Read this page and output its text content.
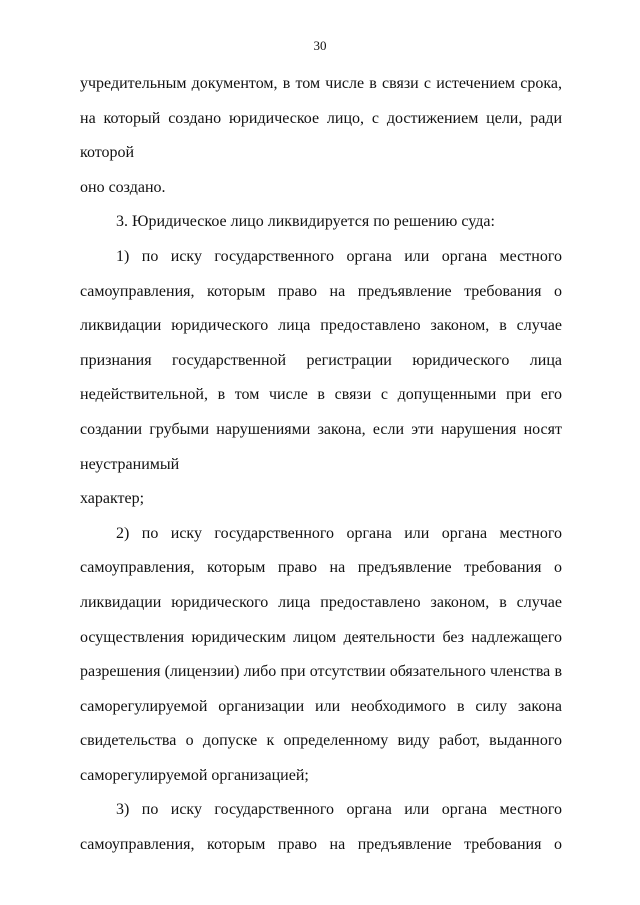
30

учредительным документом, в том числе в связи с истечением срока, на который создано юридическое лицо, с достижением цели, ради которой

оно создано.

3. Юридическое лицо ликвидируется по решению суда:

1) по иску государственного органа или органа местного самоуправления, которым право на предъявление требования о ликвидации юридического лица предоставлено законом, в случае признания государственной регистрации юридического лица недействительной, в том числе в связи с допущенными при его создании грубыми нарушениями закона, если эти нарушения носят неустранимый

характер;

2) по иску государственного органа или органа местного самоуправления, которым право на предъявление требования о ликвидации юридического лица предоставлено законом, в случае осуществления юридическим лицом деятельности без надлежащего разрешения (лицензии) либо при отсутствии обязательного членства в саморегулируемой организации или необходимого в силу закона свидетельства о допуске к определенному виду работ, выданного

саморегулируемой организацией;

3) по иску государственного органа или органа местного самоуправления, которым право на предъявление требования о
